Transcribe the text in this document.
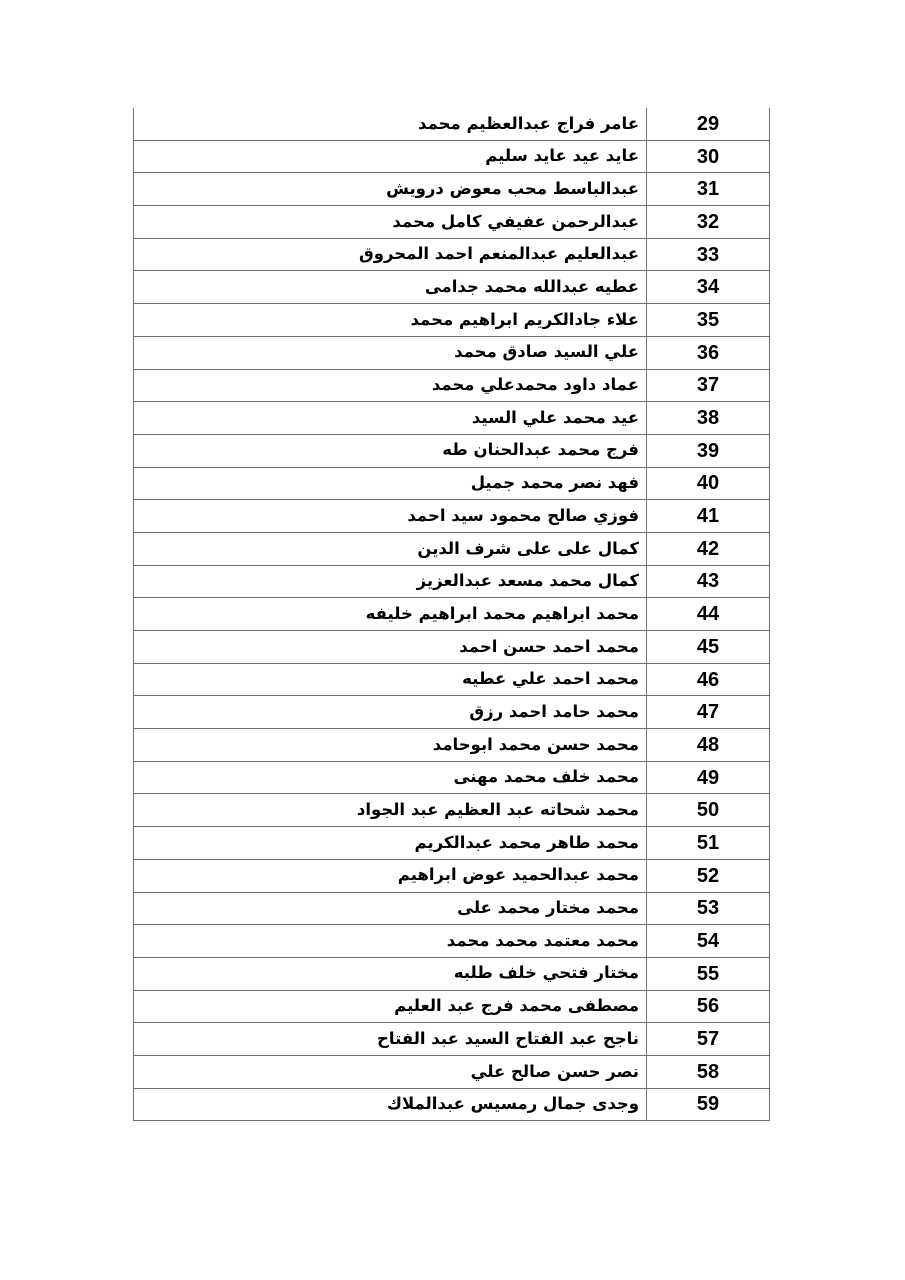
عامر فراج عبدالعظيم محمد	29
عايد عيد عايد سليم	30
عبدالباسط محب معوض درويش	31
عبدالرحمن عفيفي كامل محمد	32
عبدالعليم عبدالمنعم احمد المحروق	33
عطيه عبدالله محمد جدامى	34
علاء جادالكريم ابراهيم محمد	35
علي السيد صادق محمد	36
عماد داود محمدعلي محمد	37
عيد محمد علي السيد	38
فرج محمد عبدالحنان طه	39
فهد نصر محمد جميل	40
فوزي صالح محمود سيد احمد	41
كمال على على شرف الدين	42
كمال محمد مسعد عبدالعزيز	43
محمد ابراهيم محمد ابراهيم خليفه	44
محمد احمد حسن احمد	45
محمد احمد علي عطيه	46
محمد حامد احمد رزق	47
محمد حسن محمد ابوحامد	48
محمد خلف محمد مهنى	49
محمد شحاته عبد العظيم عبد الجواد	50
محمد طاهر محمد عبدالكريم	51
محمد عبدالحميد عوض ابراهيم	52
محمد مختار محمد على	53
محمد معتمد محمد محمد	54
مختار فتحي خلف طلبه	55
مصطفى محمد فرج عبد العليم	56
ناجح عبد الفتاح السيد عبد الفتاح	57
نصر حسن صالح علي	58
وجدى جمال رمسيس عبدالملاك	59
